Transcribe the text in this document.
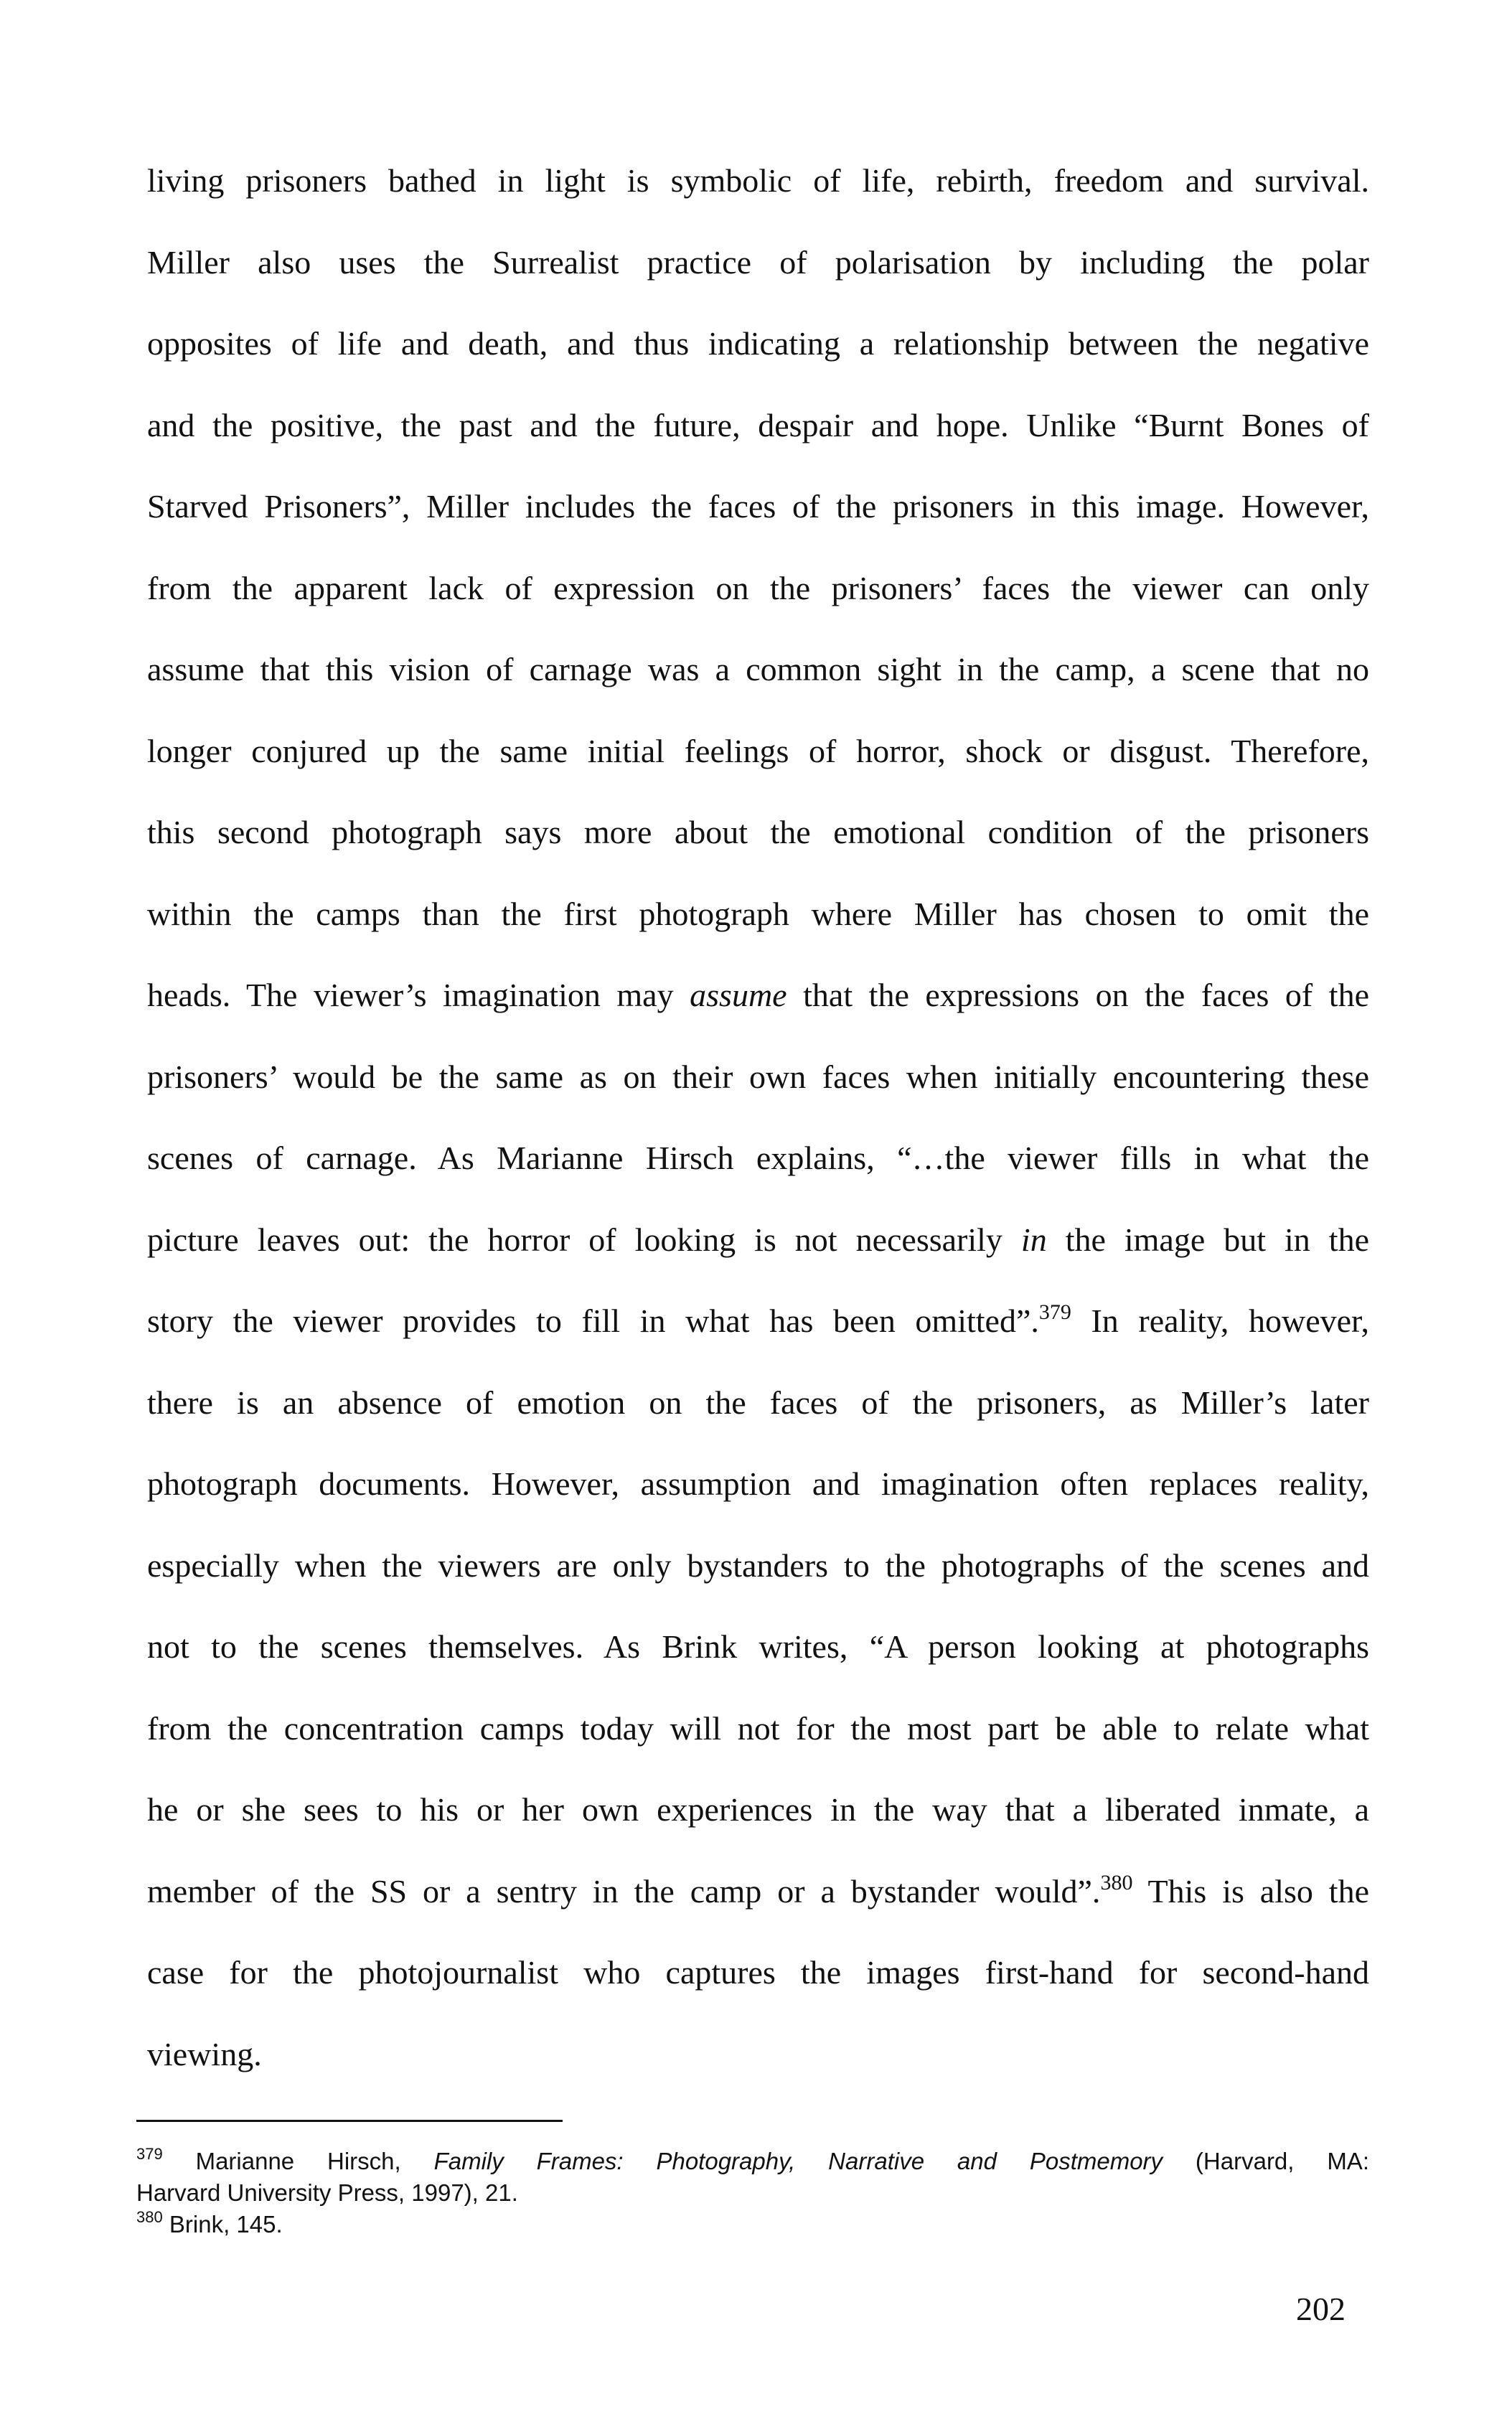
living prisoners bathed in light is symbolic of life, rebirth, freedom and survival.
Miller also uses the Surrealist practice of polarisation by including the polar
opposites of life and death, and thus indicating a relationship between the negative
and the positive, the past and the future, despair and hope. Unlike “Burnt Bones of
Starved Prisoners”, Miller includes the faces of the prisoners in this image. However,
from the apparent lack of expression on the prisoners’ faces the viewer can only
assume that this vision of carnage was a common sight in the camp, a scene that no
longer conjured up the same initial feelings of horror, shock or disgust. Therefore,
this second photograph says more about the emotional condition of the prisoners
within the camps than the first photograph where Miller has chosen to omit the
heads. The viewer’s imagination may assume that the expressions on the faces of the
prisoners’ would be the same as on their own faces when initially encountering these
scenes of carnage. As Marianne Hirsch explains, “…the viewer fills in what the
picture leaves out: the horror of looking is not necessarily in the image but in the
story the viewer provides to fill in what has been omitted”.$^{379}$ In reality, however,
there is an absence of emotion on the faces of the prisoners, as Miller’s later
photograph documents. However, assumption and imagination often replaces reality,
especially when the viewers are only bystanders to the photographs of the scenes and
not to the scenes themselves. As Brink writes, “A person looking at photographs
from the concentration camps today will not for the most part be able to relate what
he or she sees to his or her own experiences in the way that a liberated inmate, a
member of the SS or a sentry in the camp or a bystander would”.$^{380}$ This is also the
case for the photojournalist who captures the images first-hand for second-hand
viewing.
$^{379}$ Marianne Hirsch, Family Frames: Photography, Narrative and Postmemory (Harvard, MA:
Harvard University Press, 1997), 21.
$^{380}$ Brink, 145.
202
